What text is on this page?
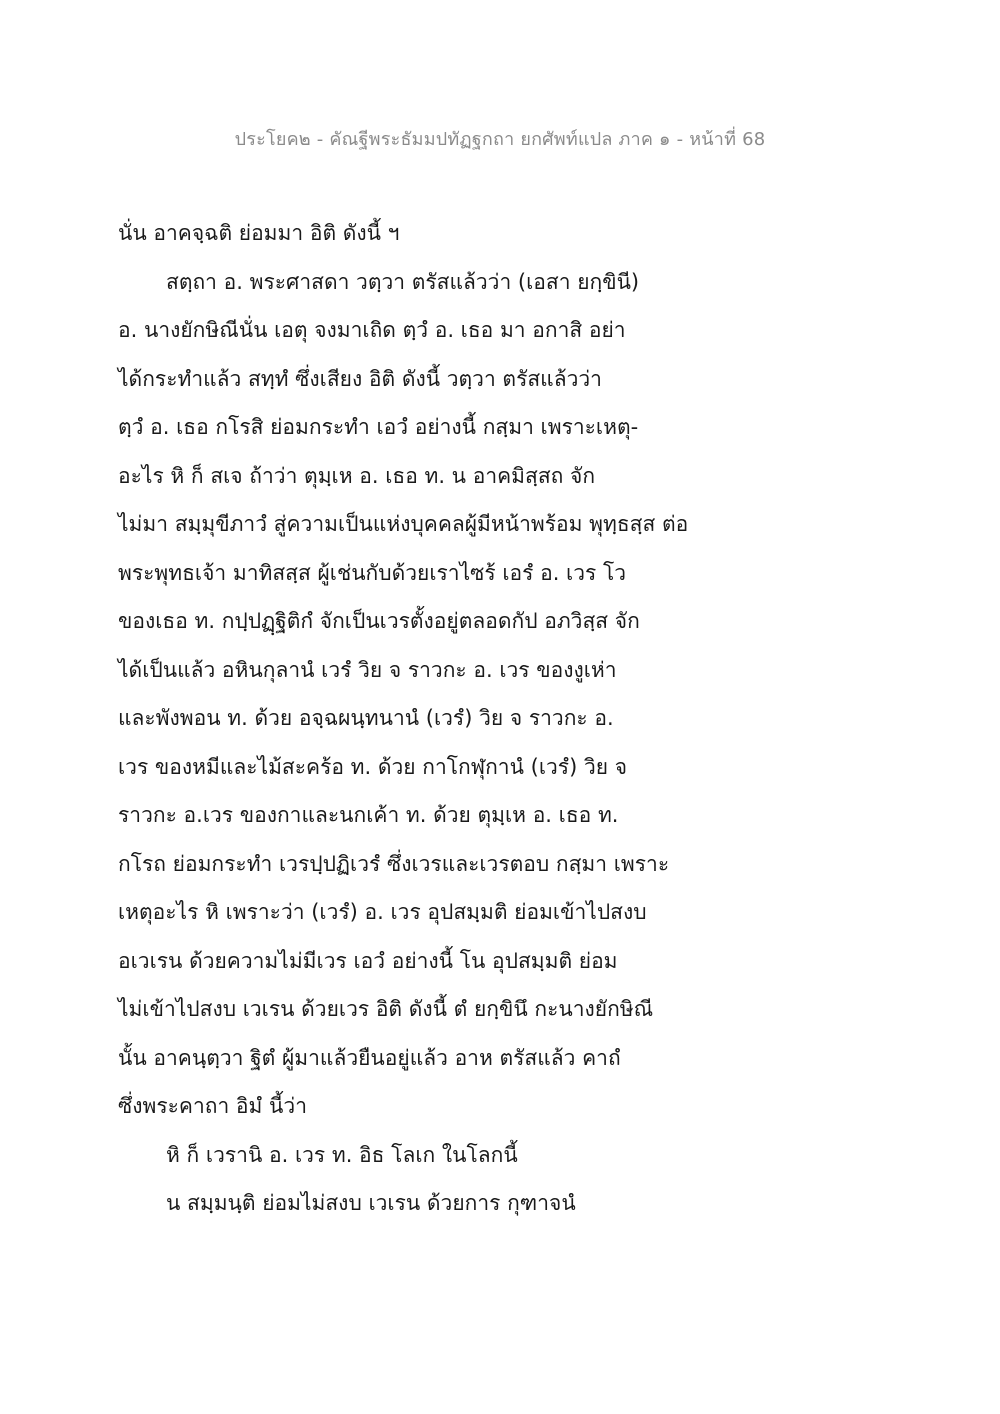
ประโยค๒ - คัณฐีพระธัมมปทัฏฐกถา ยกศัพท์แปล ภาค ๑ - หน้าที่ 68
นั่น อาคจฺฉติ ย่อมมา อิติ ดังนี้ ฯ
สตฺถา อ. พระศาสดา วตฺวา ตรัสแล้วว่า (เอสา ยกฺขินี)
อ. นางยักษิณีนั่น เอตุ จงมาเถิด ตฺวํ อ. เธอ มา อกาสิ อย่า
ได้กระทำแล้ว สทฺทํ ซึ่งเสียง อิติ ดังนี้ วตฺวา ตรัสแล้วว่า
ตฺวํ อ. เธอ กโรสิ ย่อมกระทำ เอวํ อย่างนี้ กสฺมา เพราะเหตุ-
อะไร หิ ก็ สเจ ถ้าว่า ตุมฺเห อ. เธอ ท. น อาคมิสฺสถ จัก
ไม่มา สมฺมุขีภาวํ สู่ความเป็นแห่งบุคคลผู้มีหน้าพร้อม พุทฺธสฺส ต่อ
พระพุทธเจ้า มาทิสสฺส ผู้เช่นกับด้วยเราไซร้ เอรํ อ. เวร โว
ของเธอ ท. กปฺปฏฺฐิติกํ จักเป็นเวรตั้งอยู่ตลอดกัป อภวิสฺส จัก
ได้เป็นแล้ว อหินกุลานํ เวรํ วิย จ ราวกะ อ. เวร ของงูเห่า
และพังพอน ท. ด้วย อจฺฉผนฺทนานํ (เวรํ) วิย จ ราวกะ อ.
เวร ของหมีและไม้สะคร้อ ท. ด้วย กาโกฬุกานํ (เวรํ) วิย จ
ราวกะ อ.เวร ของกาและนกเค้า ท. ด้วย ตุมฺเห อ. เธอ ท.
กโรถ ย่อมกระทำ เวรปฺปฏิเวรํ ซึ่งเวรและเวรตอบ กสฺมา เพราะ
เหตุอะไร หิ เพราะว่า (เวรํ) อ. เวร อุปสมฺมติ ย่อมเข้าไปสงบ
อเวเรน ด้วยความไม่มีเวร เอวํ อย่างนี้ โน อุปสมฺมติ ย่อม
ไม่เข้าไปสงบ เวเรน ด้วยเวร อิติ ดังนี้ ตํ ยกฺขินึ กะนางยักษิณี
นั้น อาคนฺตฺวา ฐิตํ ผู้มาแล้วยืนอยู่แล้ว อาห ตรัสแล้ว คาถํ
ซึ่งพระคาถา อิมํ นี้ว่า
หิ ก็ เวรานิ อ. เวร ท. อิธ โลเก ในโลกนี้
น สมฺมนฺติ ย่อมไม่สงบ เวเรน ด้วยการ กุฑาจนํ
